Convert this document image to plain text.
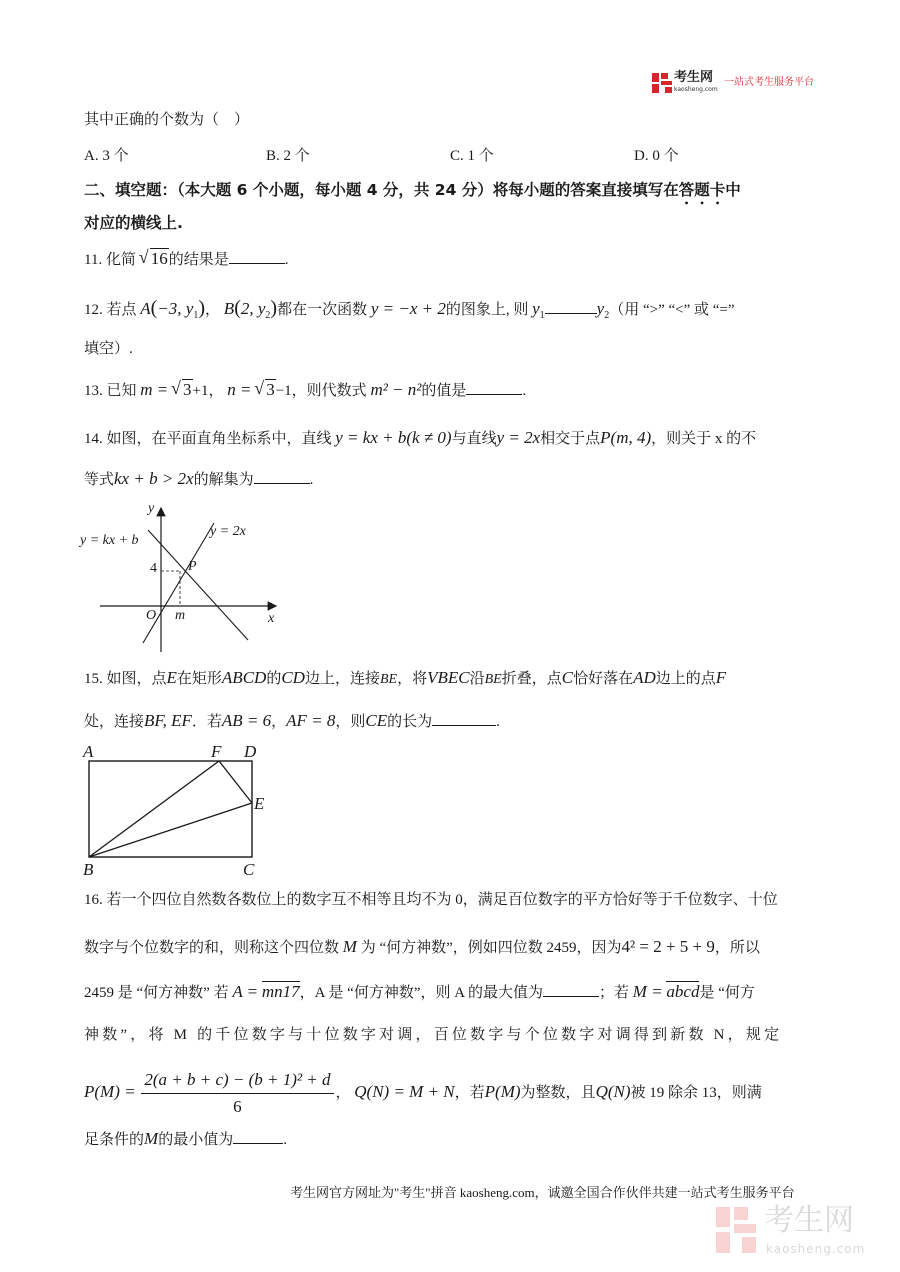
考生网
kaosheng.com
一站式考生服务平台
其中正确的个数为（　）
A. 3 个	B. 2 个	C. 1 个	D. 0 个
二、填空题：（本大题 6 个小题，每小题 4 分，共 24 分）将每小题的答案直接填写在答题卡中
对应的横线上.
11. 化简 √ 16的结果是	.
12. 若点 A(−3, $y_1$)， B(2, $y_2$)都在一次函数 y = −x + 2的图象上, 则 $y_1$	$y_2$（用 “>” “<” 或 “=”
填空）.
13. 已知 m = √ 3+1， n = √ 3−1，则代数式 m² − n²的值是	.
14. 如图，在平面直角坐标系中，直线 y = kx + b(k ≠ 0)与直线y = 2x相交于点P(m, 4)，则关于 x 的不
等式kx + b > 2x的解集为	.
y = kx + b
y = 2x
y
x
O
P
4
m
15. 如图，点E在矩形ABCD的CD边上，连接BE，将VBEC沿BE折叠，点C恰好落在AD边上的点F
处，连接BF, EF．若AB = 6，AF = 8，则CE的长为	.
A	F D
E
B	C
16. 若一个四位自然数各数位上的数字互不相等且均不为 0，满足百位数字的平方恰好等于千位数字、十位
数字与个位数字的和，则称这个四位数 M 为 “何方神数”，例如四位数 2459，因为4² = 2 + 5 + 9，所以
2459 是 “何方神数” 若 A = mn17，A 是 “何方神数”，则 A 的最大值为	；若 M = abcd是 “何方
神数”，将 M 的千位数字与十位数字对调，百位数字与个位数字对调得到新数 N，规定
$P(M) = \frac{\text{2(a + b + c) − (b + 1)² + d}}{6}$ ， Q(N) = M + N，若P(M)为整数，且Q(N)被 19 除余 13，则满
足条件的M的最小值为	.
考生网官方网址为"考生"拼音 kaosheng.com，诚邀全国合作伙伴共建一站式考生服务平台
考生网
kaosheng.com
